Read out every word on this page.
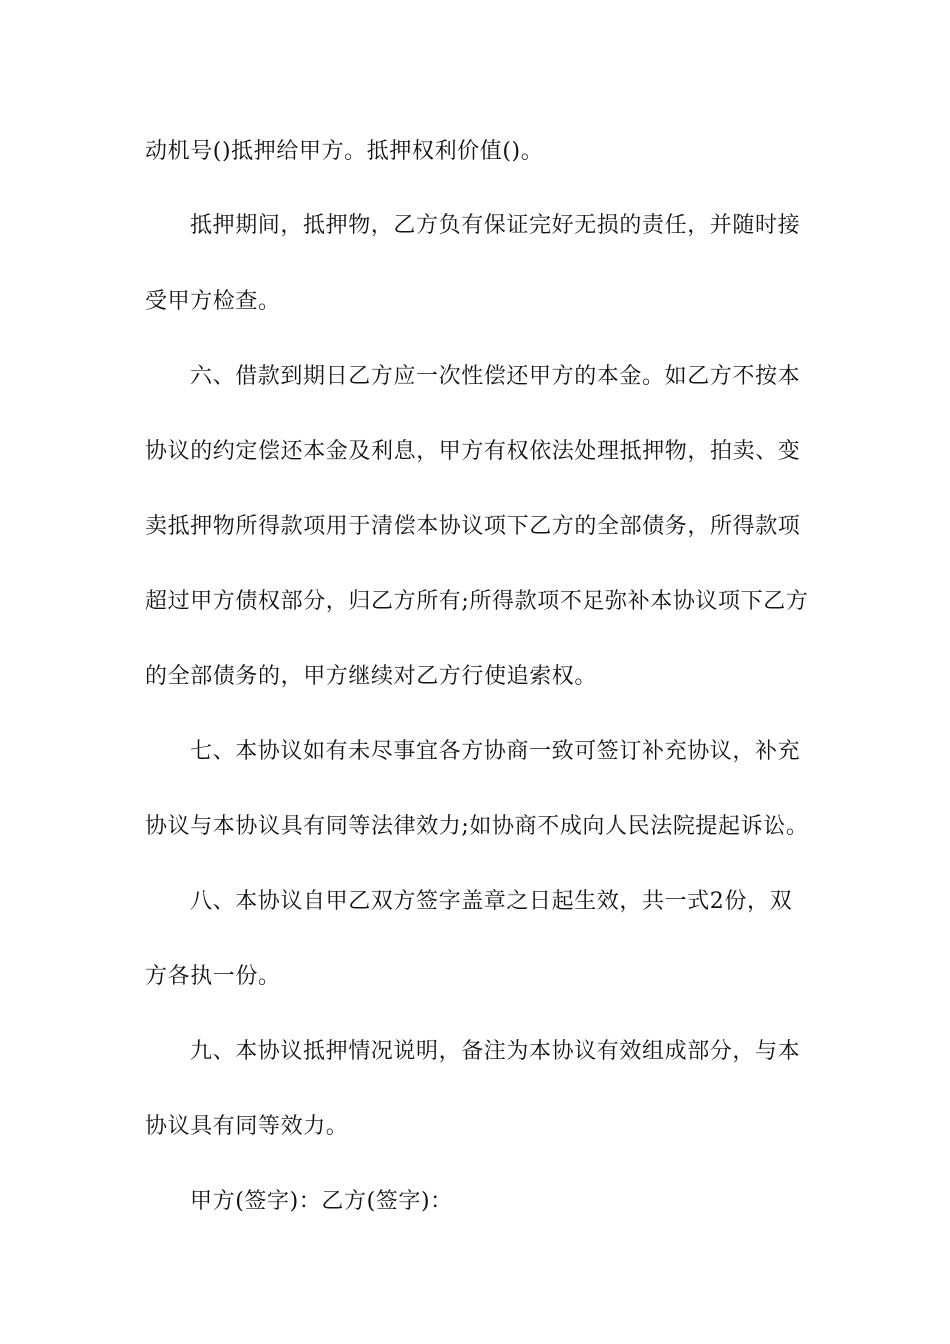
动机号()抵押给甲方。抵押权利价值()。
抵押期间，抵押物，乙方负有保证完好无损的责任，并随时接
受甲方检查。
六、借款到期日乙方应一次性偿还甲方的本金。如乙方不按本
协议的约定偿还本金及利息，甲方有权依法处理抵押物，拍卖、变
卖抵押物所得款项用于清偿本协议项下乙方的全部债务，所得款项
超过甲方债权部分，归乙方所有;所得款项不足弥补本协议项下乙方
的全部债务的，甲方继续对乙方行使追索权。
七、本协议如有未尽事宜各方协商一致可签订补充协议，补充
协议与本协议具有同等法律效力;如协商不成向人民法院提起诉讼。
八、本协议自甲乙双方签字盖章之日起生效，共一式2份，双
方各执一份。
九、本协议抵押情况说明，备注为本协议有效组成部分，与本
协议具有同等效力。
甲方(签字)：乙方(签字)：
